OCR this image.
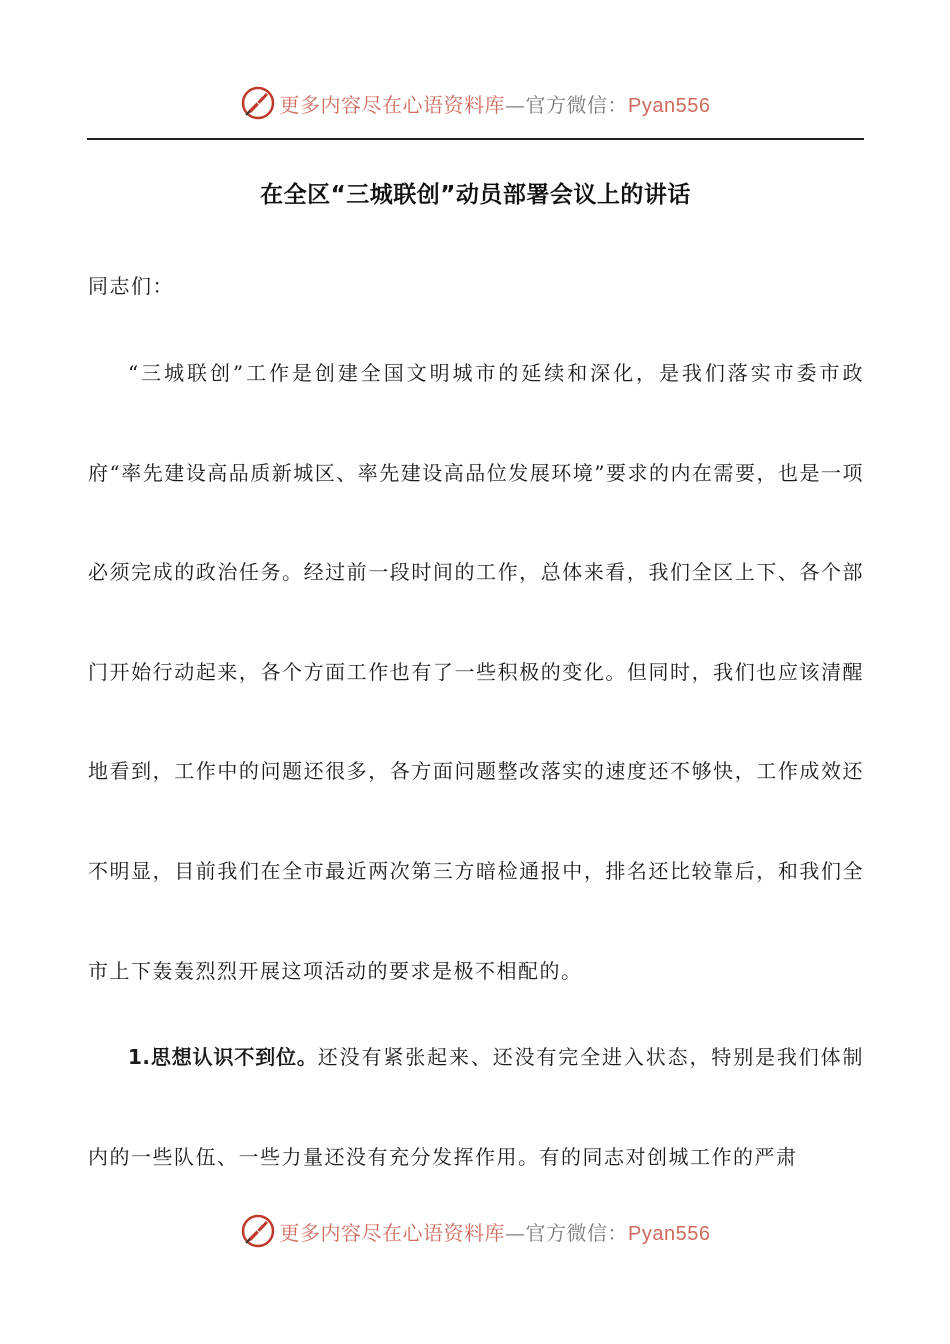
更多内容尽在心语资料库—官方微信：Pyan556
在全区“三城联创”动员部署会议上的讲话
同志们：
“三城联创”工作是创建全国文明城市的延续和深化，是我们落实市委市政府“率先建设高品质新城区、率先建设高品位发展环境”要求的内在需要，也是一项必须完成的政治任务。经过前一段时间的工作，总体来看，我们全区上下、各个部门开始行动起来，各个方面工作也有了一些积极的变化。但同时，我们也应该清醒地看到，工作中的问题还很多，各方面问题整改落实的速度还不够快，工作成效还不明显，目前我们在全市最近两次第三方暗检通报中，排名还比较靠后，和我们全市上下轰轰烈烈开展这项活动的要求是极不相配的。
1.思想认识不到位。还没有紧张起来、还没有完全进入状态，特别是我们体制内的一些队伍、一些力量还没有充分发挥作用。有的同志对创城工作的严肃
更多内容尽在心语资料库—官方微信：Pyan556
